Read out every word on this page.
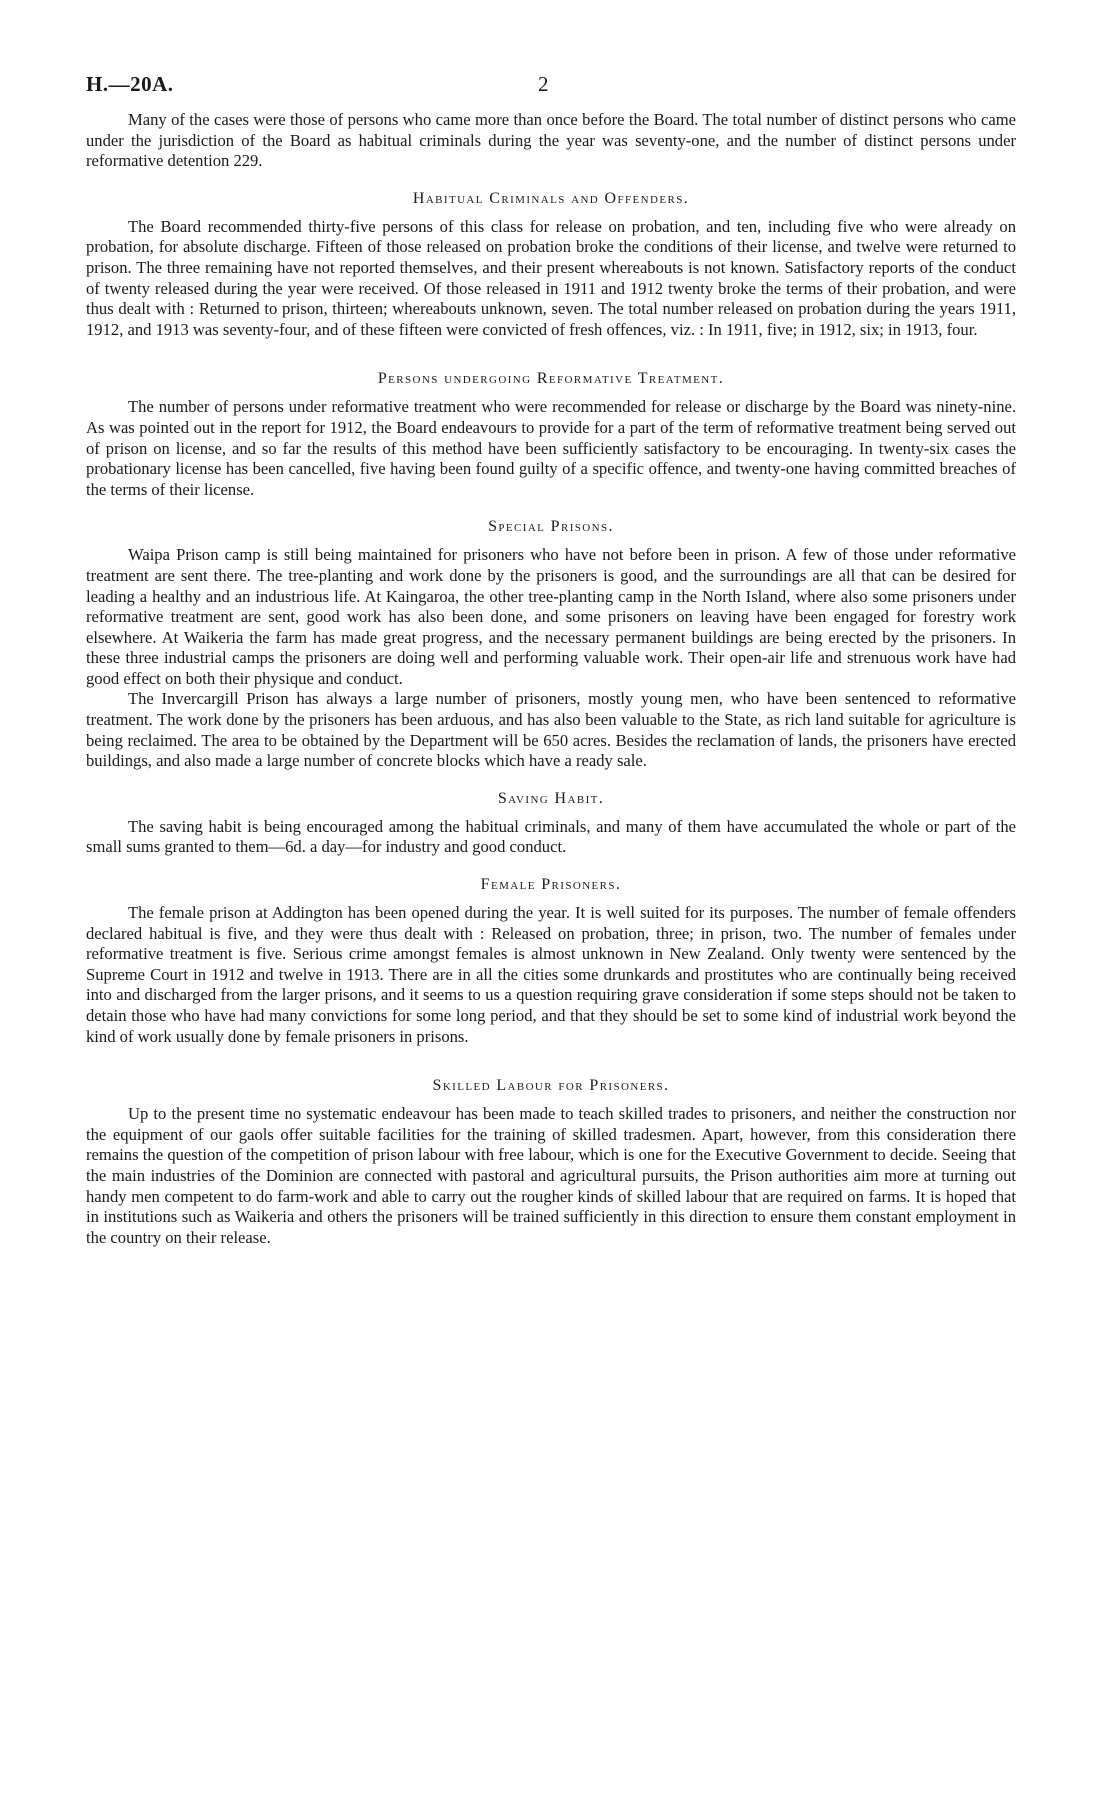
H.—20A.	2

Many of the cases were those of persons who came more than once before the Board. The total number of distinct persons who came under the jurisdiction of the Board as habitual criminals during the year was seventy-one, and the number of distinct persons under reformative detention 229.

Habitual Criminals and Offenders.

The Board recommended thirty-five persons of this class for release on probation, and ten, including five who were already on probation, for absolute discharge. Fifteen of those released on probation broke the conditions of their license, and twelve were returned to prison. The three remaining have not reported themselves, and their present whereabouts is not known. Satisfactory reports of the conduct of twenty released during the year were received. Of those released in 1911 and 1912 twenty broke the terms of their probation, and were thus dealt with : Returned to prison, thirteen; whereabouts unknown, seven. The total number released on probation during the years 1911, 1912, and 1913 was seventy-four, and of these fifteen were convicted of fresh offences, viz. : In 1911, five; in 1912, six; in 1913, four.

Persons undergoing Reformative Treatment.

The number of persons under reformative treatment who were recommended for release or discharge by the Board was ninety-nine. As was pointed out in the report for 1912, the Board endeavours to provide for a part of the term of reformative treatment being served out of prison on license, and so far the results of this method have been sufficiently satisfactory to be encouraging. In twenty-six cases the probationary license has been cancelled, five having been found guilty of a specific offence, and twenty-one having committed breaches of the terms of their license.

Special Prisons.

Waipa Prison camp is still being maintained for prisoners who have not before been in prison. A few of those under reformative treatment are sent there. The tree-planting and work done by the prisoners is good, and the surroundings are all that can be desired for leading a healthy and an industrious life. At Kaingaroa, the other tree-planting camp in the North Island, where also some prisoners under reformative treatment are sent, good work has also been done, and some prisoners on leaving have been engaged for forestry work elsewhere. At Waikeria the farm has made great progress, and the necessary permanent buildings are being erected by the prisoners. In these three industrial camps the prisoners are doing well and performing valuable work. Their open-air life and strenuous work have had good effect on both their physique and conduct.

The Invercargill Prison has always a large number of prisoners, mostly young men, who have been sentenced to reformative treatment. The work done by the prisoners has been arduous, and has also been valuable to the State, as rich land suitable for agriculture is being reclaimed. The area to be obtained by the Department will be 650 acres. Besides the reclamation of lands, the prisoners have erected buildings, and also made a large number of concrete blocks which have a ready sale.

Saving Habit.

The saving habit is being encouraged among the habitual criminals, and many of them have accumulated the whole or part of the small sums granted to them—6d. a day—for industry and good conduct.

Female Prisoners.

The female prison at Addington has been opened during the year. It is well suited for its purposes. The number of female offenders declared habitual is five, and they were thus dealt with : Released on probation, three; in prison, two. The number of females under reformative treatment is five. Serious crime amongst females is almost unknown in New Zealand. Only twenty were sentenced by the Supreme Court in 1912 and twelve in 1913. There are in all the cities some drunkards and prostitutes who are continually being received into and discharged from the larger prisons, and it seems to us a question requiring grave consideration if some steps should not be taken to detain those who have had many convictions for some long period, and that they should be set to some kind of industrial work beyond the kind of work usually done by female prisoners in prisons.

Skilled Labour for Prisoners.

Up to the present time no systematic endeavour has been made to teach skilled trades to prisoners, and neither the construction nor the equipment of our gaols offer suitable facilities for the training of skilled tradesmen. Apart, however, from this consideration there remains the question of the competition of prison labour with free labour, which is one for the Executive Government to decide. Seeing that the main industries of the Dominion are connected with pastoral and agricultural pursuits, the Prison authorities aim more at turning out handy men competent to do farm-work and able to carry out the rougher kinds of skilled labour that are required on farms. It is hoped that in institutions such as Waikeria and others the prisoners will be trained sufficiently in this direction to ensure them constant employment in the country on their release.
